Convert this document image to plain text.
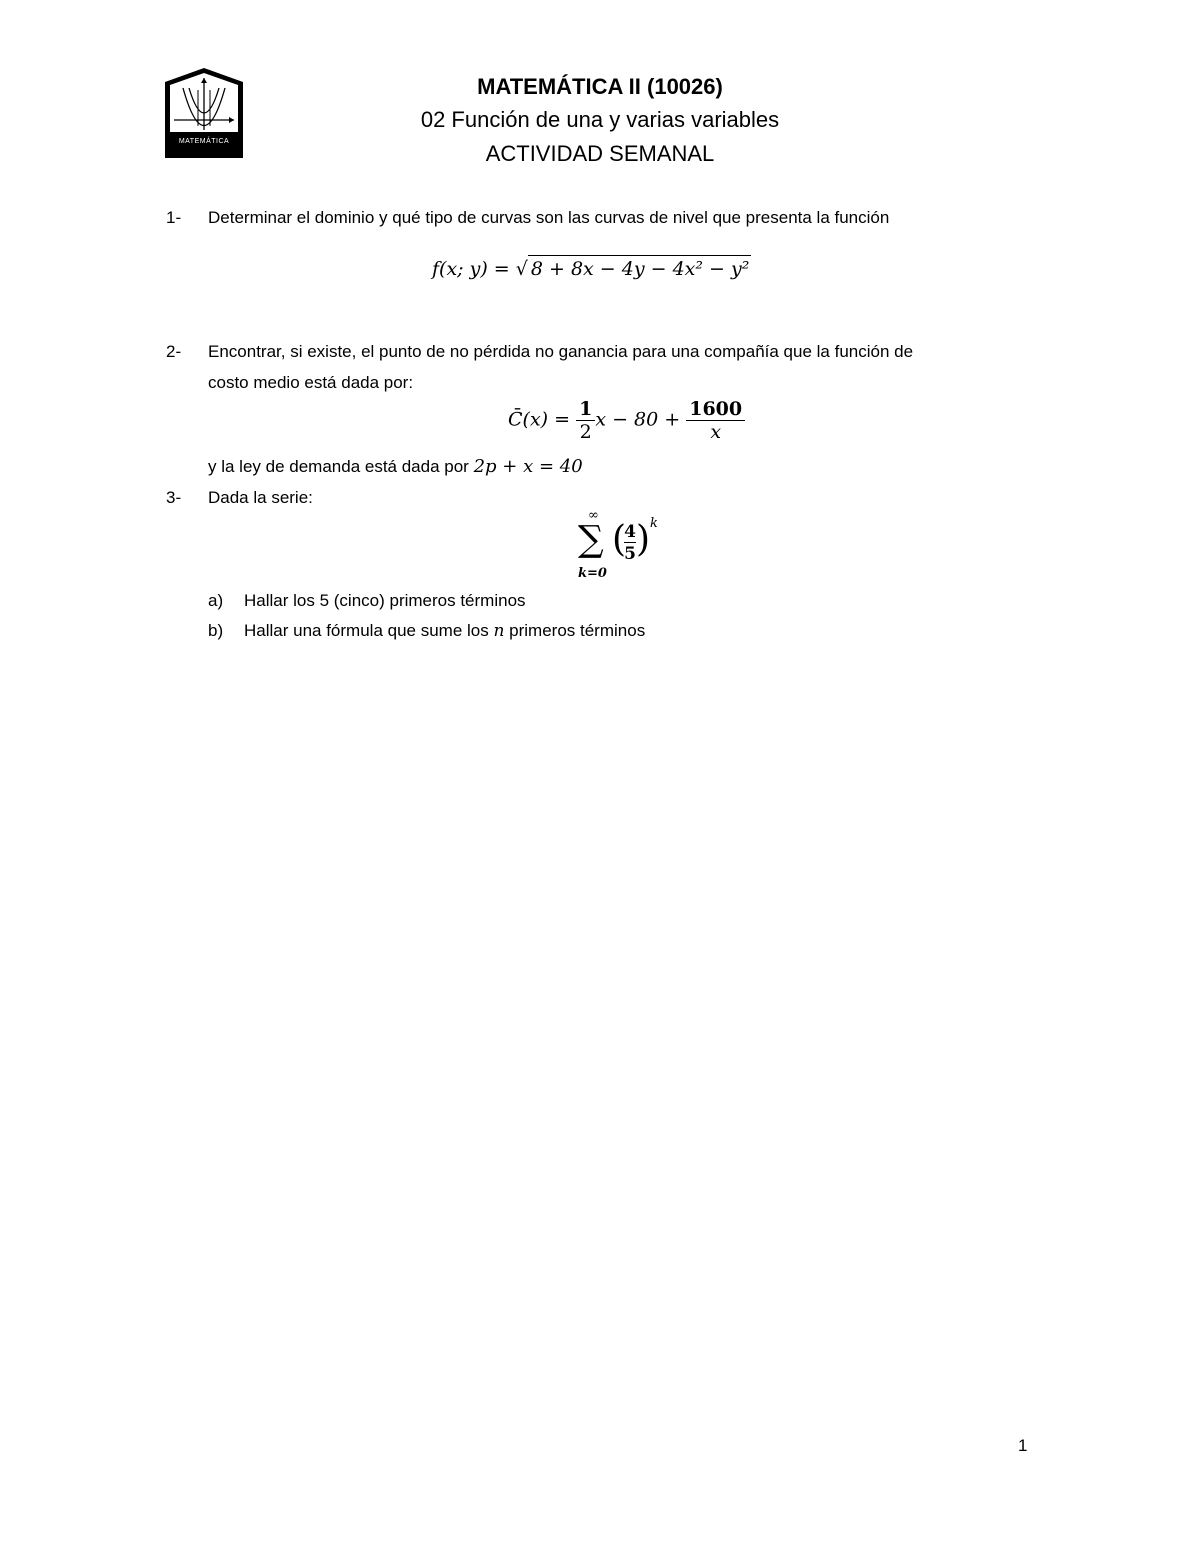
MATEMÁTICA
MATEMÁTICA II (10026)
02 Función de una y varias variables
ACTIVIDAD SEMANAL
1- Determinar el dominio y qué tipo de curvas son las curvas de nivel que presenta la función
f(x; y) = √ 8 + 8x − 4y − 4x² − y²
2- Encontrar, si existe, el punto de no pérdida no ganancia para una compañía que la función de
costo medio está dada por:
C̄(x) = $\frac{1}{2}$ $x - 80 + \frac{1600}{x}$
y la ley de demanda está dada por 2p + x = 40
3- Dada la serie:
∞
∑
k=0
(
4
5 ) k
a) Hallar los 5 (cinco) primeros términos
b) Hallar una fórmula que sume los n primeros términos
1
